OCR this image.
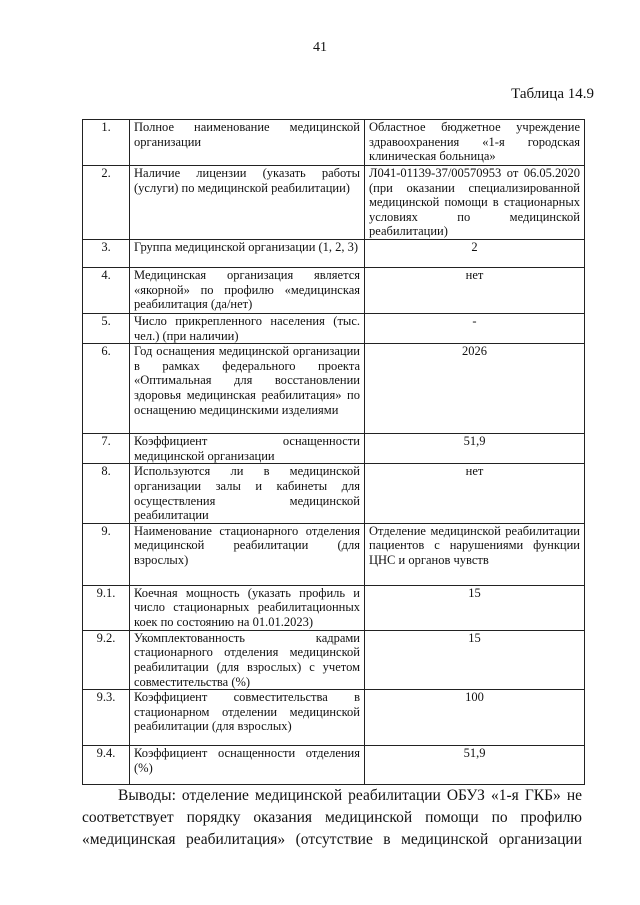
41
Таблица 14.9
1.	Полное наименование медицинской организации	Областное бюджетное учреждение здравоохранения «1-я городская клиническая больница»
2.	Наличие лицензии (указать работы (услуги) по медицинской реабилитации)	Л041-01139-37/00570953 от 06.05.2020 (при оказании специализированной медицинской помощи в стационарных условиях по медицинской реабилитации)
3.	Группа медицинской организации (1, 2, 3)	2
4.	Медицинская организация является «якорной» по профилю «медицинская реабилитация (да/нет)	нет
5.	Число прикрепленного населения (тыс. чел.) (при наличии)	-
6.	Год оснащения медицинской организации в рамках федерального проекта «Оптимальная для восстановлении здоровья медицинская реабилитация» по оснащению медицинскими изделиями	2026
7.	Коэффициент оснащенности медицинской организации	51,9
8.	Используются ли в медицинской организации залы и кабинеты для осуществления медицинской реабилитации	нет
9.	Наименование стационарного отделения медицинской реабилитации (для взрослых)	Отделение медицинской реабилитации пациентов с нарушениями функции ЦНС и органов чувств
9.1.	Коечная мощность (указать профиль и число стационарных реабилитационных коек по состоянию на 01.01.2023)	15
9.2.	Укомплектованность кадрами стационарного отделения медицинской реабилитации (для взрослых) с учетом совместительства (%)	15
9.3.	Коэффициент совместительства в стационарном отделении медицинской реабилитации (для взрослых)	100
9.4.	Коэффициент оснащенности отделения (%)	51,9
Выводы: отделение медицинской реабилитации ОБУЗ «1-я ГКБ» не соответствует порядку оказания медицинской помощи по профилю «медицинская реабилитация» (отсутствие в медицинской организации
